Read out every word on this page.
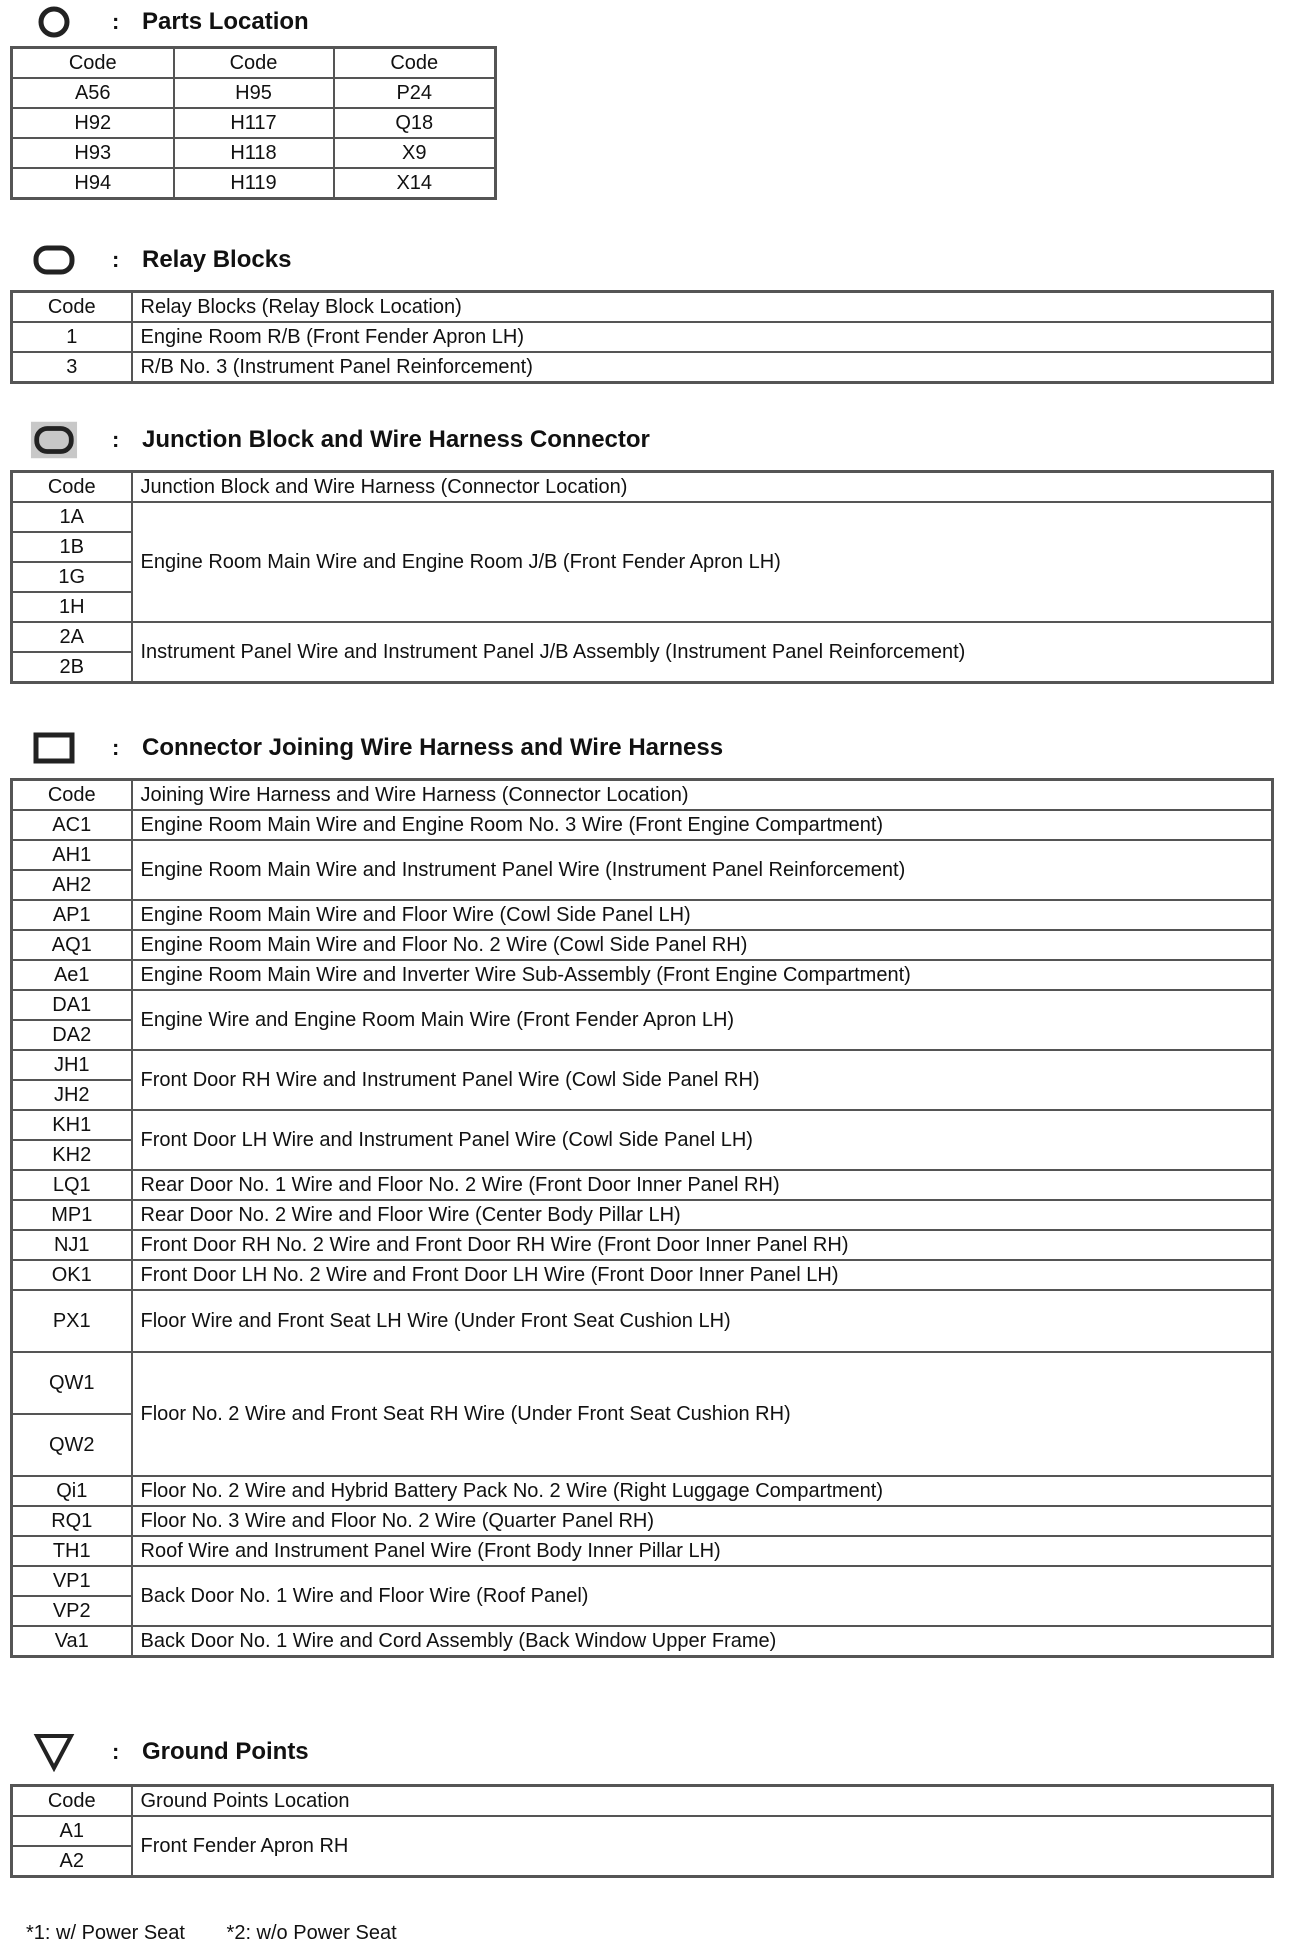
: Parts Location
Code	Code	Code
A56	H95	P24
H92	H117	Q18
H93	H118	X9
H94	H119	X14
: Relay Blocks
Code	Relay Blocks (Relay Block Location)
1	Engine Room R/B (Front Fender Apron LH)
3	R/B No. 3 (Instrument Panel Reinforcement)
: Junction Block and Wire Harness Connector
Code	Junction Block and Wire Harness (Connector Location)
1A	Engine Room Main Wire and Engine Room J/B (Front Fender Apron LH)
1B	
1G	
1H	
2A	Instrument Panel Wire and Instrument Panel J/B Assembly (Instrument Panel Reinforcement)
2B	
: Connector Joining Wire Harness and Wire Harness
Code	Joining Wire Harness and Wire Harness (Connector Location)
AC1	Engine Room Main Wire and Engine Room No. 3 Wire (Front Engine Compartment)
AH1	Engine Room Main Wire and Instrument Panel Wire (Instrument Panel Reinforcement)
AH2	
AP1	Engine Room Main Wire and Floor Wire (Cowl Side Panel LH)
AQ1	Engine Room Main Wire and Floor No. 2 Wire (Cowl Side Panel RH)
Ae1	Engine Room Main Wire and Inverter Wire Sub-Assembly (Front Engine Compartment)
DA1	Engine Wire and Engine Room Main Wire (Front Fender Apron LH)
DA2	
JH1	Front Door RH Wire and Instrument Panel Wire (Cowl Side Panel RH)
JH2	
KH1	Front Door LH Wire and Instrument Panel Wire (Cowl Side Panel LH)
KH2	
LQ1	Rear Door No. 1 Wire and Floor No. 2 Wire (Front Door Inner Panel RH)
MP1	Rear Door No. 2 Wire and Floor Wire (Center Body Pillar LH)
NJ1	Front Door RH No. 2 Wire and Front Door RH Wire (Front Door Inner Panel RH)
OK1	Front Door LH No. 2 Wire and Front Door LH Wire (Front Door Inner Panel LH)
PX1	Floor Wire and Front Seat LH Wire (Under Front Seat Cushion LH)
QW1	Floor No. 2 Wire and Front Seat RH Wire (Under Front Seat Cushion RH)
QW2	
Qi1	Floor No. 2 Wire and Hybrid Battery Pack No. 2 Wire (Right Luggage Compartment)
RQ1	Floor No. 3 Wire and Floor No. 2 Wire (Quarter Panel RH)
TH1	Roof Wire and Instrument Panel Wire (Front Body Inner Pillar LH)
VP1	Back Door No. 1 Wire and Floor Wire (Roof Panel)
VP2	
Va1	Back Door No. 1 Wire and Cord Assembly (Back Window Upper Frame)
: Ground Points
Code	Ground Points Location
A1	Front Fender Apron RH
A2	
*1: w/ Power Seat *2: w/o Power Seat
